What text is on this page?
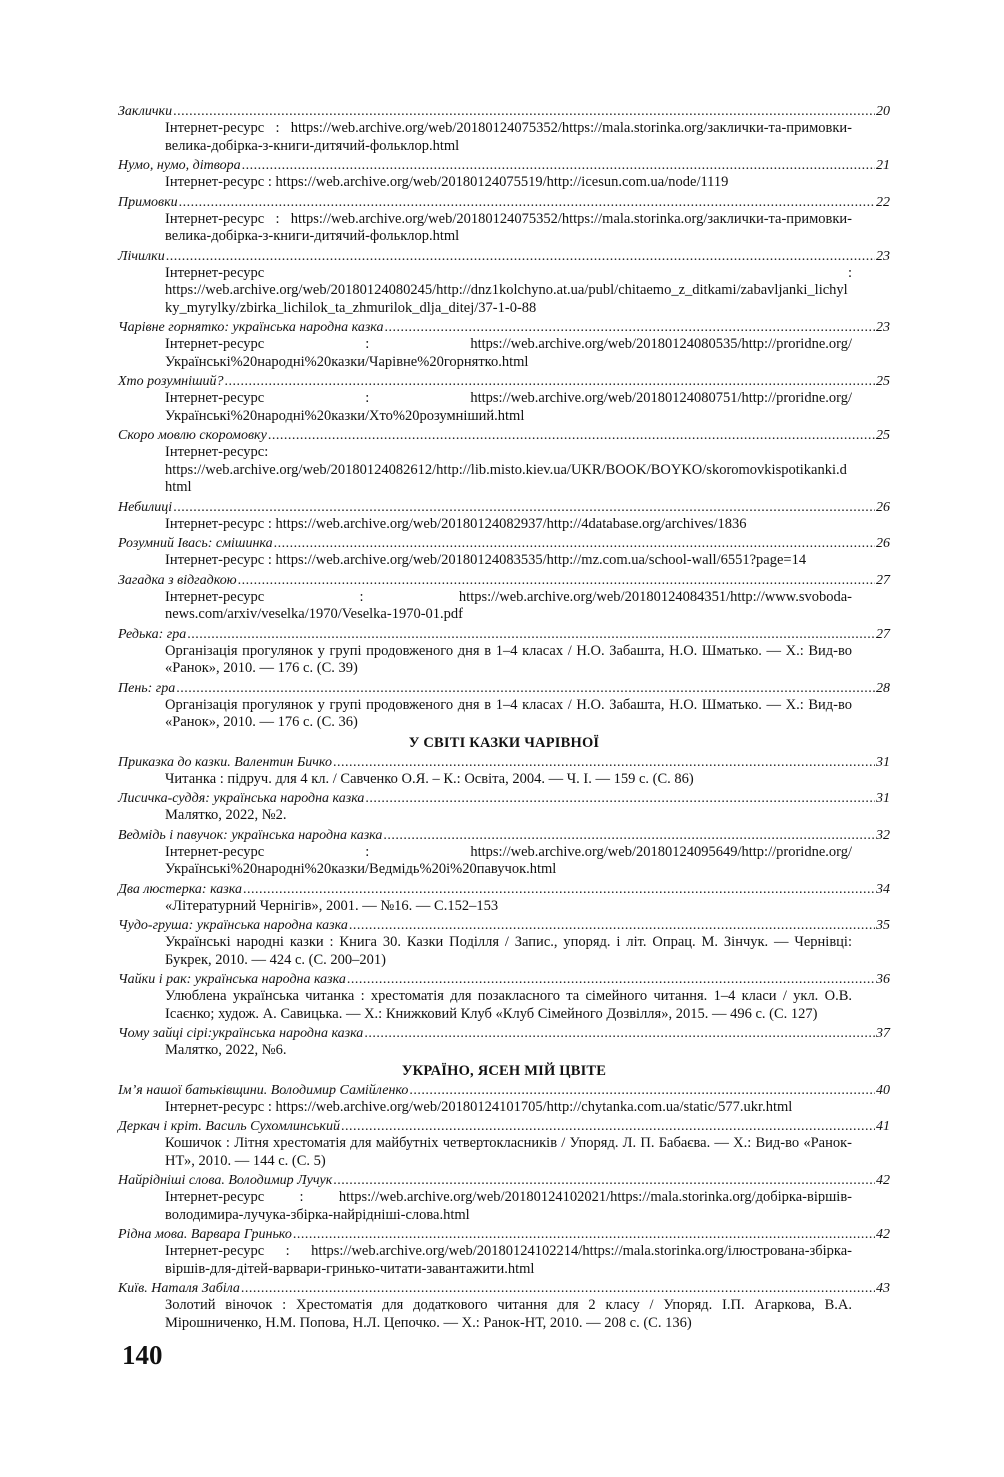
Заклички .....	20
Інтернет-ресурс : https://web.archive.org/web/20180124075352/https://mala.storinka.org/заклички-та-примовки-велика-добірка-з-книги-дитячий-фольклор.html
Нумо, нумо, дітвора .....	21
Інтернет-ресурс : https://web.archive.org/web/20180124075519/http://icesun.com.ua/node/1119
Примовки .....	22
Інтернет-ресурс : https://web.archive.org/web/20180124075352/https://mala.storinka.org/заклички-та-примовки-велика-добірка-з-книги-дитячий-фольклор.html
Лічилки .....	23
Інтернет-ресурс : https://web.archive.org/web/20180124080245/http://dnz1kolchyno.at.ua/publ/chitaemo_z_ditkami/zabavljanki_lichylky_myrylky/zbirka_lichilok_ta_zhmurilok_dlja_ditej/37-1-0-88
Чарівне горнятко: українська народна казка .....	23
Інтернет-ресурс : https://web.archive.org/web/20180124080535/http://proridne.org/Українські%20народні%20казки/Чарівне%20горнятко.html
Хто розумніший? .....	25
Інтернет-ресурс : https://web.archive.org/web/20180124080751/http://proridne.org/Українські%20народні%20казки/Хто%20розумніший.html
Скоро мовлю скоромовку .....	25
Інтернет-ресурс: https://web.archive.org/web/20180124082612/http://lib.misto.kiev.ua/UKR/BOOK/BOYKO/skoromovkispotikanki.dhtml
Небилиці .....	26
Інтернет-ресурс : https://web.archive.org/web/20180124082937/http://4database.org/archives/1836
Розумний Івась: смішинка .....	26
Інтернет-ресурс : https://web.archive.org/web/20180124083535/http://mz.com.ua/school-wall/6551?page=14
Загадка з відгадкою .....	27
Інтернет-ресурс : https://web.archive.org/web/20180124084351/http://www.svoboda-news.com/arxiv/veselka/1970/Veselka-1970-01.pdf
Редька: гра .....	27
Організація прогулянок у групі продовженого дня в 1–4 класах / Н.О. Забашта, Н.О. Шматько. — Х.: Вид-во «Ранок», 2010. — 176 с. (С. 39)
Пень: гра .....	28
Організація прогулянок у групі продовженого дня в 1–4 класах / Н.О. Забашта, Н.О. Шматько. — Х.: Вид-во «Ранок», 2010. — 176 с. (С. 36)
У СВІТІ КАЗКИ ЧАРІВНОЇ
Приказка до казки. Валентин Бичко .....	31
Читанка : підруч. для 4 кл. / Савченко О.Я. – К.: Освіта, 2004. — Ч. І. — 159 с. (С. 86)
Лисичка-суддя: українська народна казка .....	31
Малятко, 2022, №2.
Ведмідь і павучок: українська народна казка .....	32
Інтернет-ресурс : https://web.archive.org/web/20180124095649/http://proridne.org/Українські%20народні%20казки/Ведмідь%20і%20павучок.html
Два люстерка: казка .....	34
«Літературний Чернігів», 2001. — №16. — С.152–153
Чудо-груша: українська народна казка .....	35
Українські народні казки : Книга 30. Казки Поділля / Запис., упоряд. і літ. Опрац. М. Зінчук. — Чернівці: Букрек, 2010. — 424 с. (С. 200–201)
Чайки і рак: українська народна казка .....	36
Улюблена українська читанка : хрестоматія для позакласного та сімейного читання. 1–4 класи / укл. О.В. Ісаєнко; худож. А. Савицька. — Х.: Книжковий Клуб «Клуб Сімейного Дозвілля», 2015. — 496 с. (С. 127)
Чому зайці сірі:українська народна казка .....	37
Малятко, 2022, №6.
УКРАЇНО, ЯСЕН МІЙ ЦВІТЕ
Ім’я нашої батьківщини. Володимир Самійленко .....	40
Інтернет-ресурс : https://web.archive.org/web/20180124101705/http://chytanka.com.ua/static/577.ukr.html
Деркач і кріт. Василь Сухомлинський .....	41
Кошичок : Літня хрестоматія для майбутніх четвертокласників / Упоряд. Л. П. Бабаєва. — Х.: Вид-во «Ранок-НТ», 2010. — 144 с. (С. 5)
Найрідніші слова. Володимир Лучук .....	42
Інтернет-ресурс : https://web.archive.org/web/20180124102021/https://mala.storinka.org/добірка-віршів-володимира-лучука-збірка-найрідніші-слова.html
Рідна мова. Варвара Гринько .....	42
Інтернет-ресурс : https://web.archive.org/web/20180124102214/https://mala.storinka.org/ілюстрована-збірка-віршів-для-дітей-варвари-гринько-читати-завантажити.html
Київ. Наталя Забіла .....	43
Золотий віночок : Хрестоматія для додаткового читання для 2 класу / Упоряд. І.П. Агаркова, В.А. Мірошниченко, Н.М. Попова, Н.Л. Цепочко. — Х.: Ранок-НТ, 2010. — 208 с. (С. 136)
140
